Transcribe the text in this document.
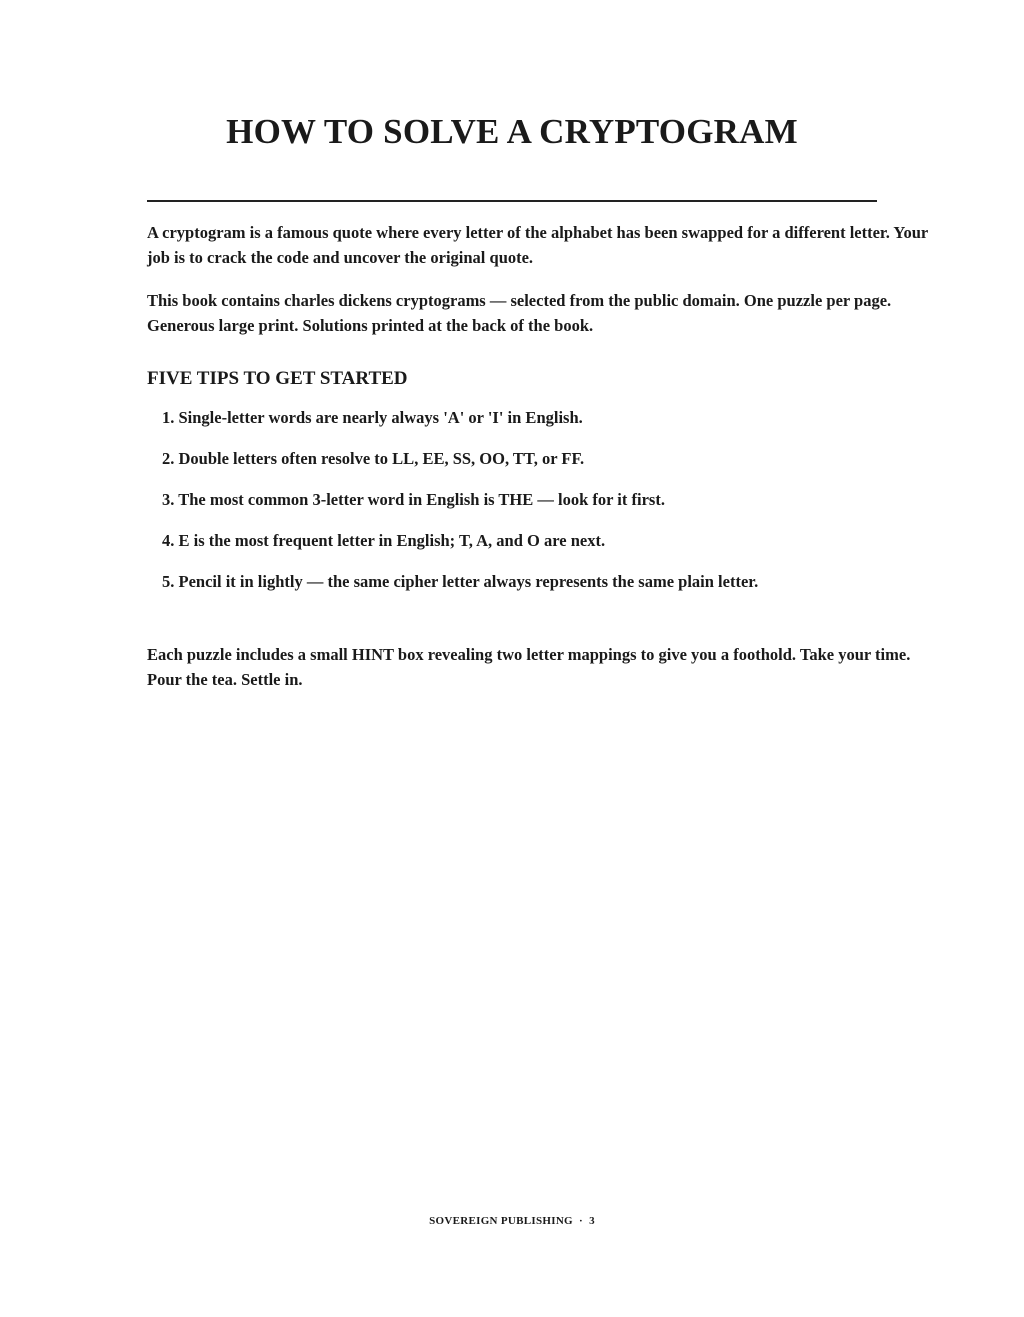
HOW TO SOLVE A CRYPTOGRAM

A cryptogram is a famous quote where every letter of the alphabet has been swapped for a different letter. Your job is to crack the code and uncover the original quote.

This book contains charles dickens cryptograms — selected from the public domain. One puzzle per page. Generous large print. Solutions printed at the back of the book.

FIVE TIPS TO GET STARTED
1. Single-letter words are nearly always 'A' or 'I' in English.
2. Double letters often resolve to LL, EE, SS, OO, TT, or FF.
3. The most common 3-letter word in English is THE — look for it first.
4. E is the most frequent letter in English; T, A, and O are next.
5. Pencil it in lightly — the same cipher letter always represents the same plain letter.

Each puzzle includes a small HINT box revealing two letter mappings to give you a foothold. Take your time. Pour the tea. Settle in.

SOVEREIGN PUBLISHING · 3
